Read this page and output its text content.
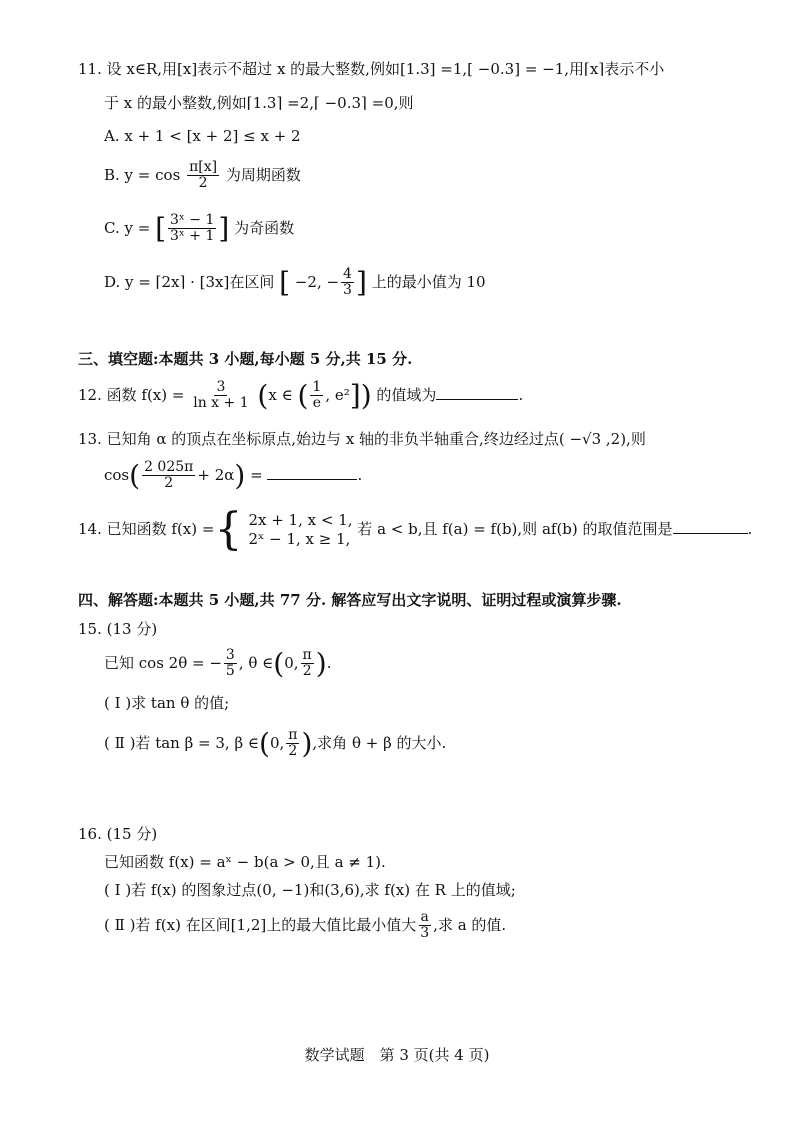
11. 设 x∈R,用[x]表示不超过 x 的最大整数,例如[1.3] =1,[ −0.3] = −1,用⌈x⌉表示不小
于 x 的最小整数,例如⌈1.3⌉ =2,⌈ −0.3⌉ =0,则
A. x + 1 < [x + 2] ≤ x + 2
B. $y = \cos \frac{\pi[x]}{2}$ 为周期函数
C. y = [ $\frac{\text{3ˣ − 1}}{\text{3ˣ + 1}}$ ] 为奇函数
D. y = ⌈2x⌉ · [3x]在区间 [ −2, − $\frac{4}{3}$ ] 上的最小值为 10
三、填空题:本题共 3 小题,每小题 5 分,共 15 分.
12. 函数 $f(x) = \frac{3}{\text{ln x + 1}} (x$ ∈ ( $\frac{1}{e}$ , e²]) 的值域为	.
13. 已知角 α 的顶点在坐标原点,始边与 x 轴的非负半轴重合,终边经过点( −√3 ,2),则
$\cos( \frac{2 025\pi}{2} + 2\alpha)$ =	.
14. 已知函数 f(x) ={ 2x + 1, x < 1,
2ˣ − 1, x ≥ 1,
若 a < b,且 f(a) = f(b),则 af(b) 的取值范围是	.
四、解答题:本题共 5 小题,共 77 分. 解答应写出文字说明、证明过程或演算步骤.
15. (13 分)
已知 cos 2θ = − $\frac{3}{5}$ , θ ∈(0, $\frac{\pi}{2}$ ).
( Ⅰ )求 tan θ 的值;
( Ⅱ )若 tan β = 3, β ∈(0, $\frac{\pi}{2}$ ),求角 θ + β 的大小.
16. (15 分)
已知函数 f(x) = aˣ − b(a > 0,且 a ≠ 1).
( Ⅰ )若 f(x) 的图象过点(0, −1)和(3,6),求 f(x) 在 R 上的值域;
( Ⅱ )若 f(x) 在区间[1,2]上的最大值比最小值大 $\frac{a}{3}$ ,求 a 的值.
数学试题　第 3 页(共 4 页)
